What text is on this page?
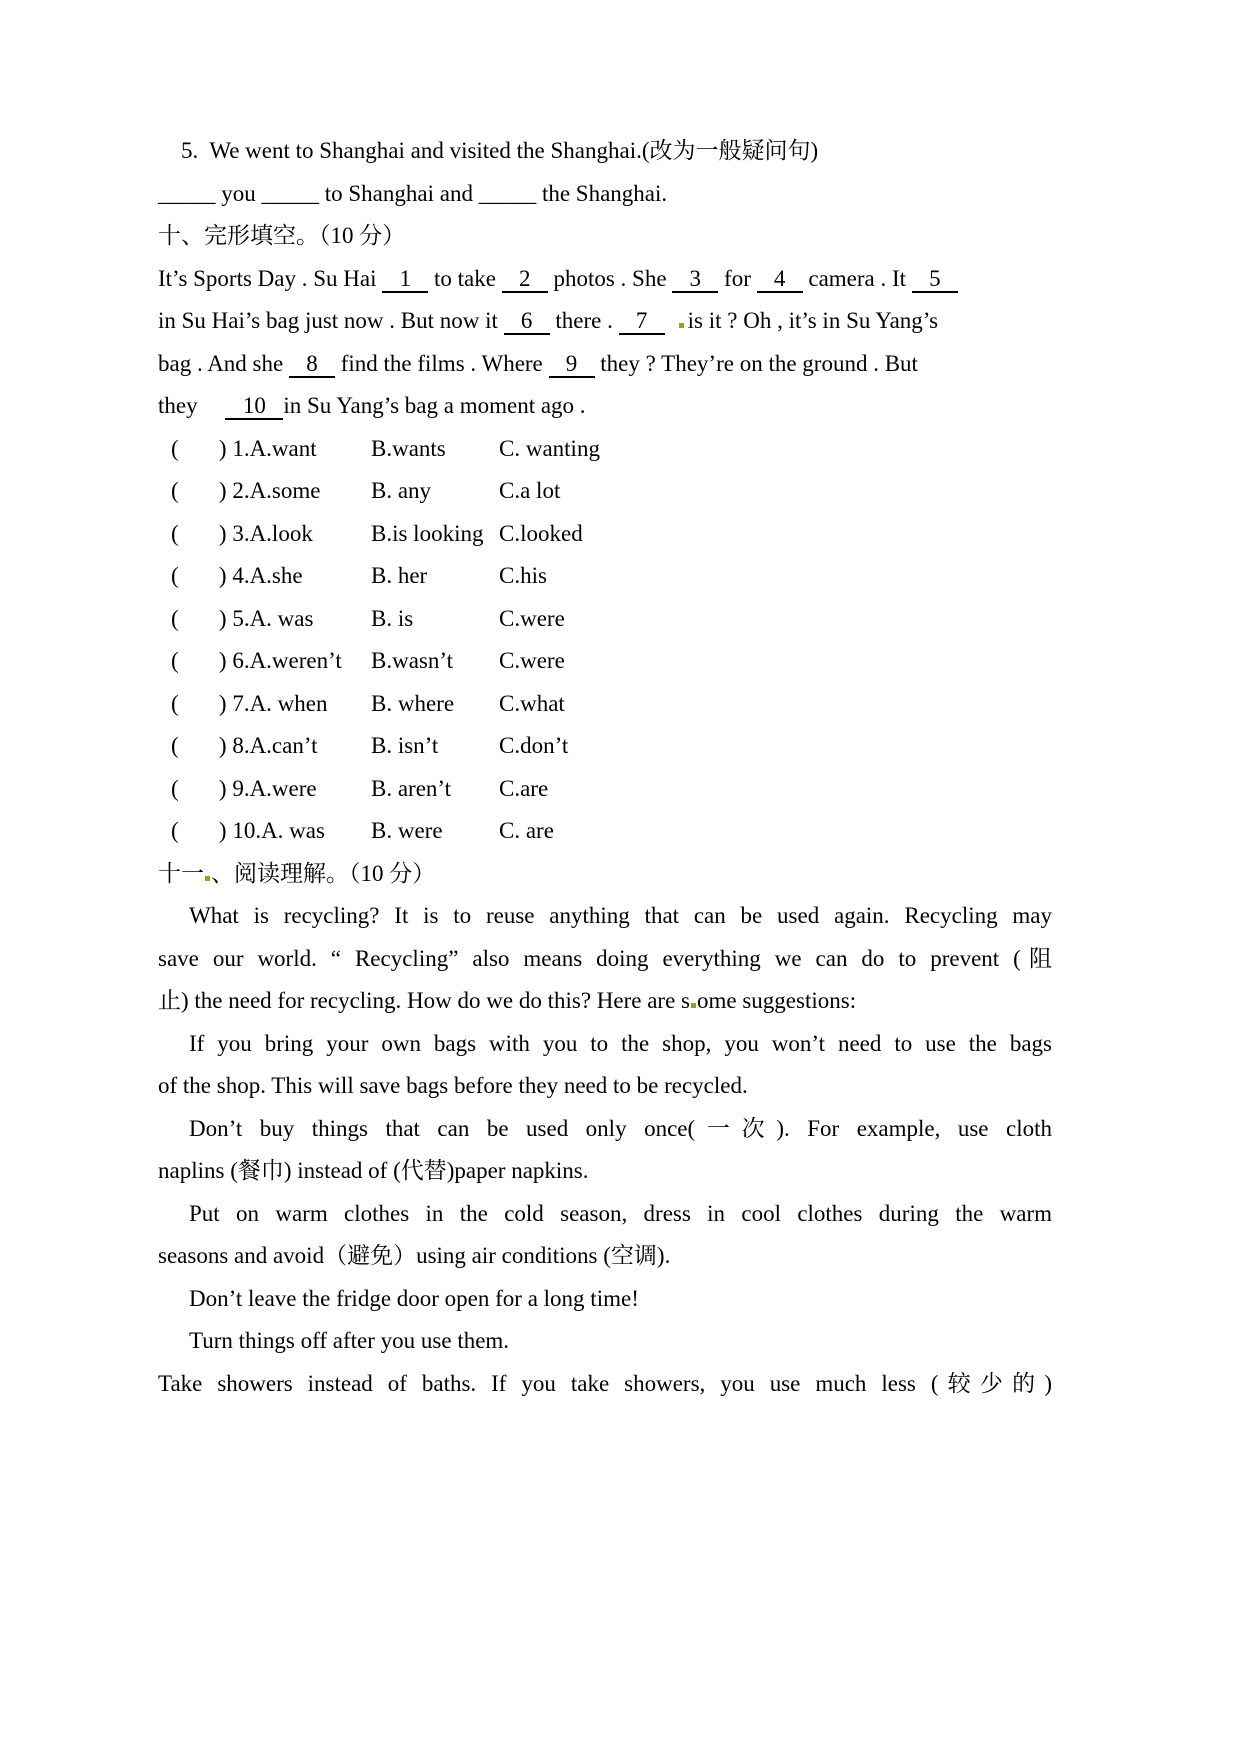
5.  We went to Shanghai and visited the Shanghai.(改为一般疑问句)
_____ you _____ to Shanghai and _____ the Shanghai.
十、完形填空。（10 分）
It’s Sports Day . Su Hai 1 to take 2 photos . She 3 for 4 camera . It 5
in Su Hai’s bag just now . But now it 6 there . 7 is it ? Oh , it’s in Su Yang’s
bag . And she 8 find the films . Where 9 they ? They’re on the ground . But
they 10 in Su Yang’s bag a moment ago .
(       ) 1.A.want	B.wants	C. wanting
(       ) 2.A.some	B. any	C.a lot
(       ) 3.A.look	B.is looking C.looked
(       ) 4.A.she	B. her	C.his
(       ) 5.A. was	B. is	C.were
(       ) 6.A.weren’t	B.wasn’t	C.were
(       ) 7.A. when	B. where	C.what
(       ) 8.A.can’t	B. isn’t	C.don’t
(       ) 9.A.were	B. aren’t	C.are
(       ) 10.A. was	B. were	C. are
十一 、阅读理解。（10 分）
What is recycling? It is to reuse anything that can be used again. Recycling may
save our world. “ Recycling” also means doing everything we can do to prevent (阻
止) the need for recycling. How do we do this? Here are s ome suggestions:
If you bring your own bags with you to the shop, you won’t need to use the bags
of the shop. This will save bags before they need to be recycled.
Don’t buy things that can be used only once(一次). For example, use cloth
naplins (餐巾) instead of (代替)paper napkins.
Put on warm clothes in the cold season, dress in cool clothes during the warm
seasons and avoid（避免）using air conditions (空调).
Don’t leave the fridge door open for a long time!
Turn things off after you use them.
Take showers instead of baths. If you take showers, you use much less (较少的)
